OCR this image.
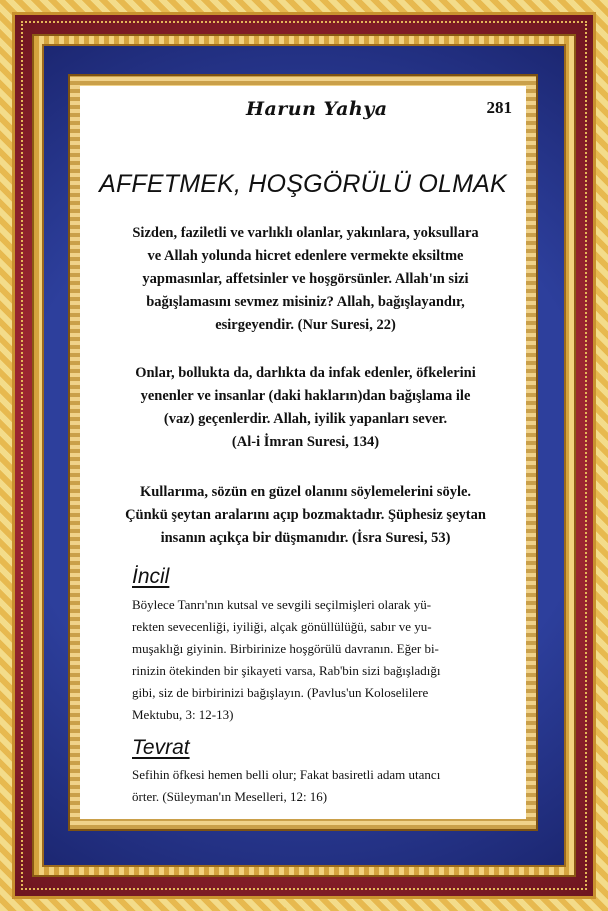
Harun Yahya	281
AFFETMEK, HOŞGÖRÜLÜ OLMAK
Sizden, faziletli ve varlıklı olanlar, yakınlara, yoksullara
ve Allah yolunda hicret edenlere vermekte eksiltme
yapmasınlar, affetsinler ve hoşgörsünler. Allah'ın sizi
bağışlamasını sevmez misiniz? Allah, bağışlayandır,
esirgeyendir. (Nur Suresi, 22)
Onlar, bollukta da, darlıkta da infak edenler, öfkelerini
yenenler ve insanlar (daki hakların)dan bağışlama ile
(vaz) geçenlerdir. Allah, iyilik yapanları sever.
(Al-i İmran Suresi, 134)
Kullarıma, sözün en güzel olanını söylemelerini söyle.
Çünkü şeytan aralarını açıp bozmaktadır. Şüphesiz şeytan
insanın açıkça bir düşmanıdır. (İsra Suresi, 53)
İncil
Böylece Tanrı'nın kutsal ve sevgili seçilmişleri olarak yü-
rekten sevecenliği, iyiliği, alçak gönüllülüğü, sabır ve yu-
muşaklığı giyinin. Birbirinize hoşgörülü davranın. Eğer bi-
rinizin ötekinden bir şikayeti varsa, Rab'bin sizi bağışladığı
gibi, siz de birbirinizi bağışlayın. (Pavlus'un Koloselilere
Mektubu, 3: 12-13)
Tevrat
Sefihin öfkesi hemen belli olur; Fakat basiretli adam utancı
örter. (Süleyman'ın Meselleri, 12: 16)
